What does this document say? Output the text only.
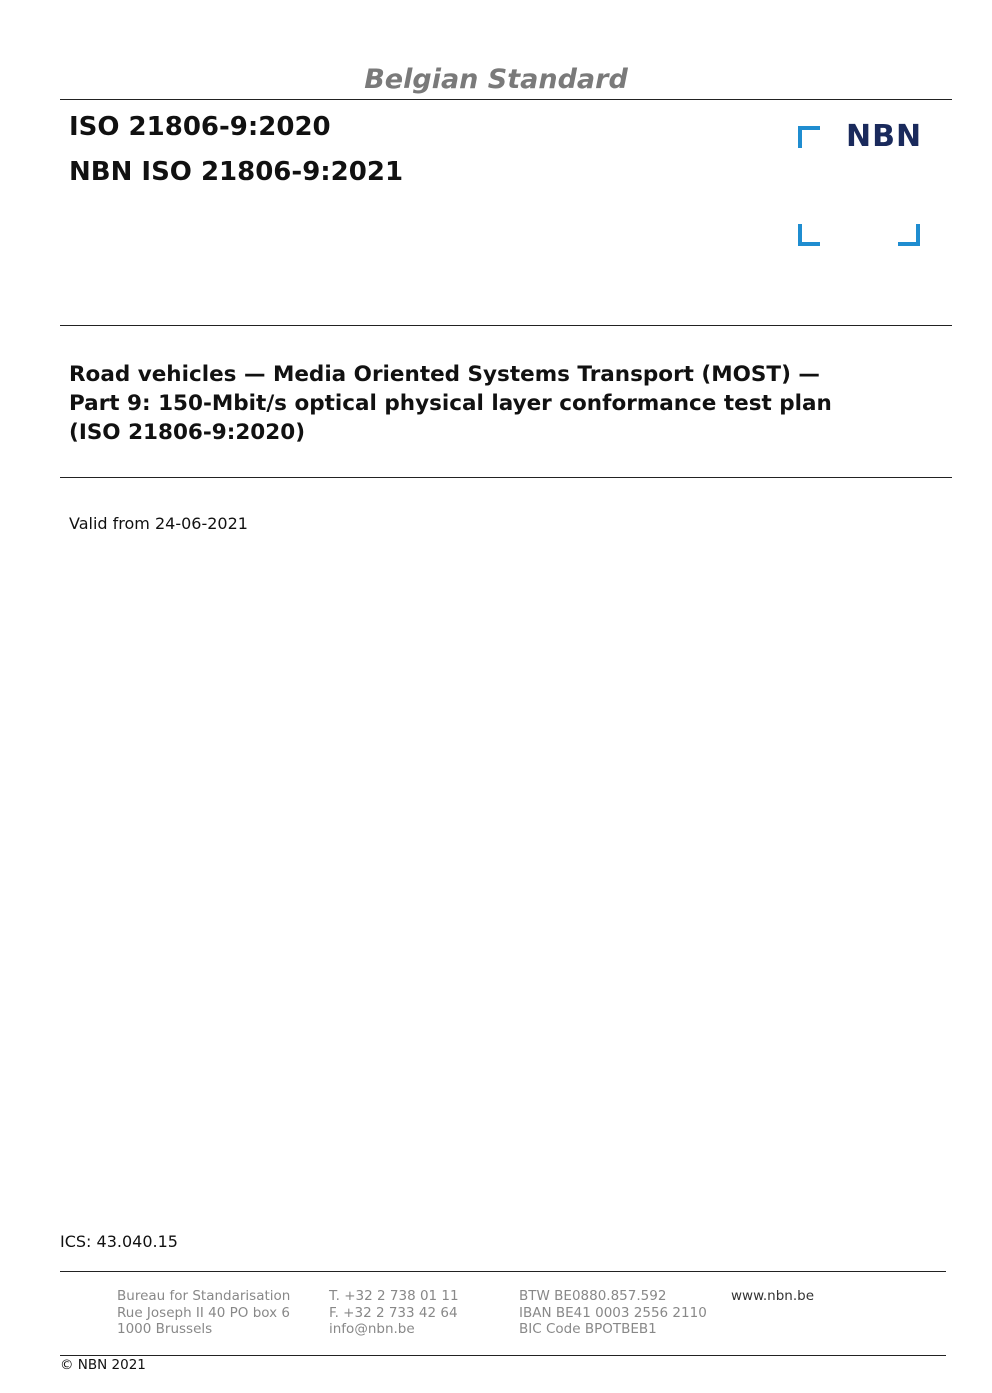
Belgian Standard
ISO 21806-9:2020
NBN ISO 21806-9:2021
NBN
Road vehicles — Media Oriented Systems Transport (MOST) —
Part 9: 150-Mbit/s optical physical layer conformance test plan
(ISO 21806-9:2020)
Valid from 24-06-2021
ICS: 43.040.15
Bureau for Standarisation
Rue Joseph II 40 PO box 6
1000 Brussels
T. +32 2 738 01 11
F. +32 2 733 42 64
info@nbn.be
BTW BE0880.857.592
IBAN BE41 0003 2556 2110
BIC Code BPOTBEB1
www.nbn.be
© NBN 2021
